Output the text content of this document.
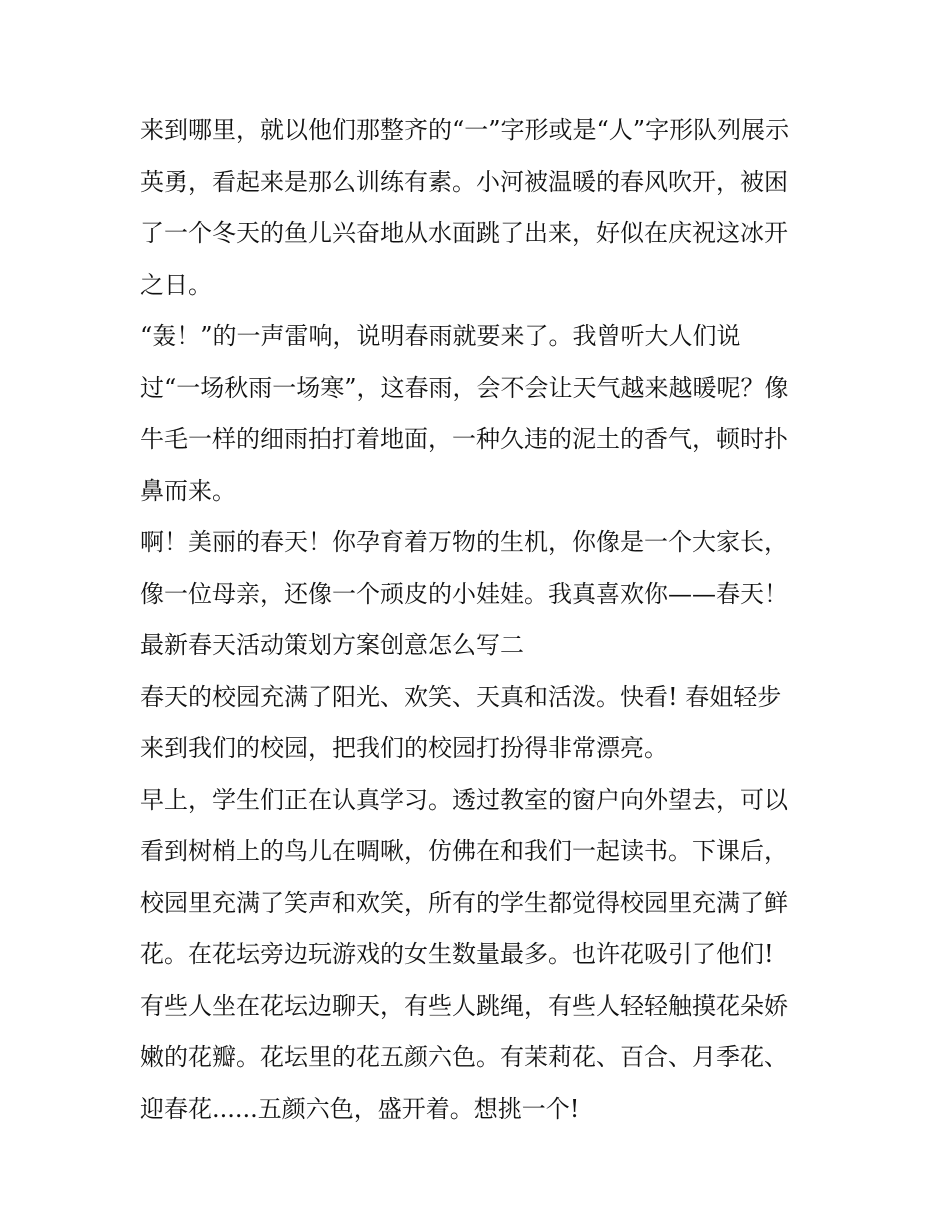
来到哪里，就以他们那整齐的“一”字形或是“人”字形队列展示
英勇，看起来是那么训练有素。小河被温暖的春风吹开，被困
了一个冬天的鱼儿兴奋地从水面跳了出来，好似在庆祝这冰开
之日。
“轰！”的一声雷响，说明春雨就要来了。我曾听大人们说
过“一场秋雨一场寒”，这春雨，会不会让天气越来越暖呢？像
牛毛一样的细雨拍打着地面，一种久违的泥土的香气，顿时扑
鼻而来。
啊！美丽的春天！你孕育着万物的生机，你像是一个大家长，
像一位母亲，还像一个顽皮的小娃娃。我真喜欢你——春天！
最新春天活动策划方案创意怎么写二
春天的校园充满了阳光、欢笑、天真和活泼。快看! 春姐轻步
来到我们的校园，把我们的校园打扮得非常漂亮。
早上，学生们正在认真学习。透过教室的窗户向外望去，可以
看到树梢上的鸟儿在啁啾，仿佛在和我们一起读书。下课后，
校园里充满了笑声和欢笑，所有的学生都觉得校园里充满了鲜
花。在花坛旁边玩游戏的女生数量最多。也许花吸引了他们!
有些人坐在花坛边聊天，有些人跳绳，有些人轻轻触摸花朵娇
嫩的花瓣。花坛里的花五颜六色。有茉莉花、百合、月季花、
迎春花......五颜六色，盛开着。想挑一个!
